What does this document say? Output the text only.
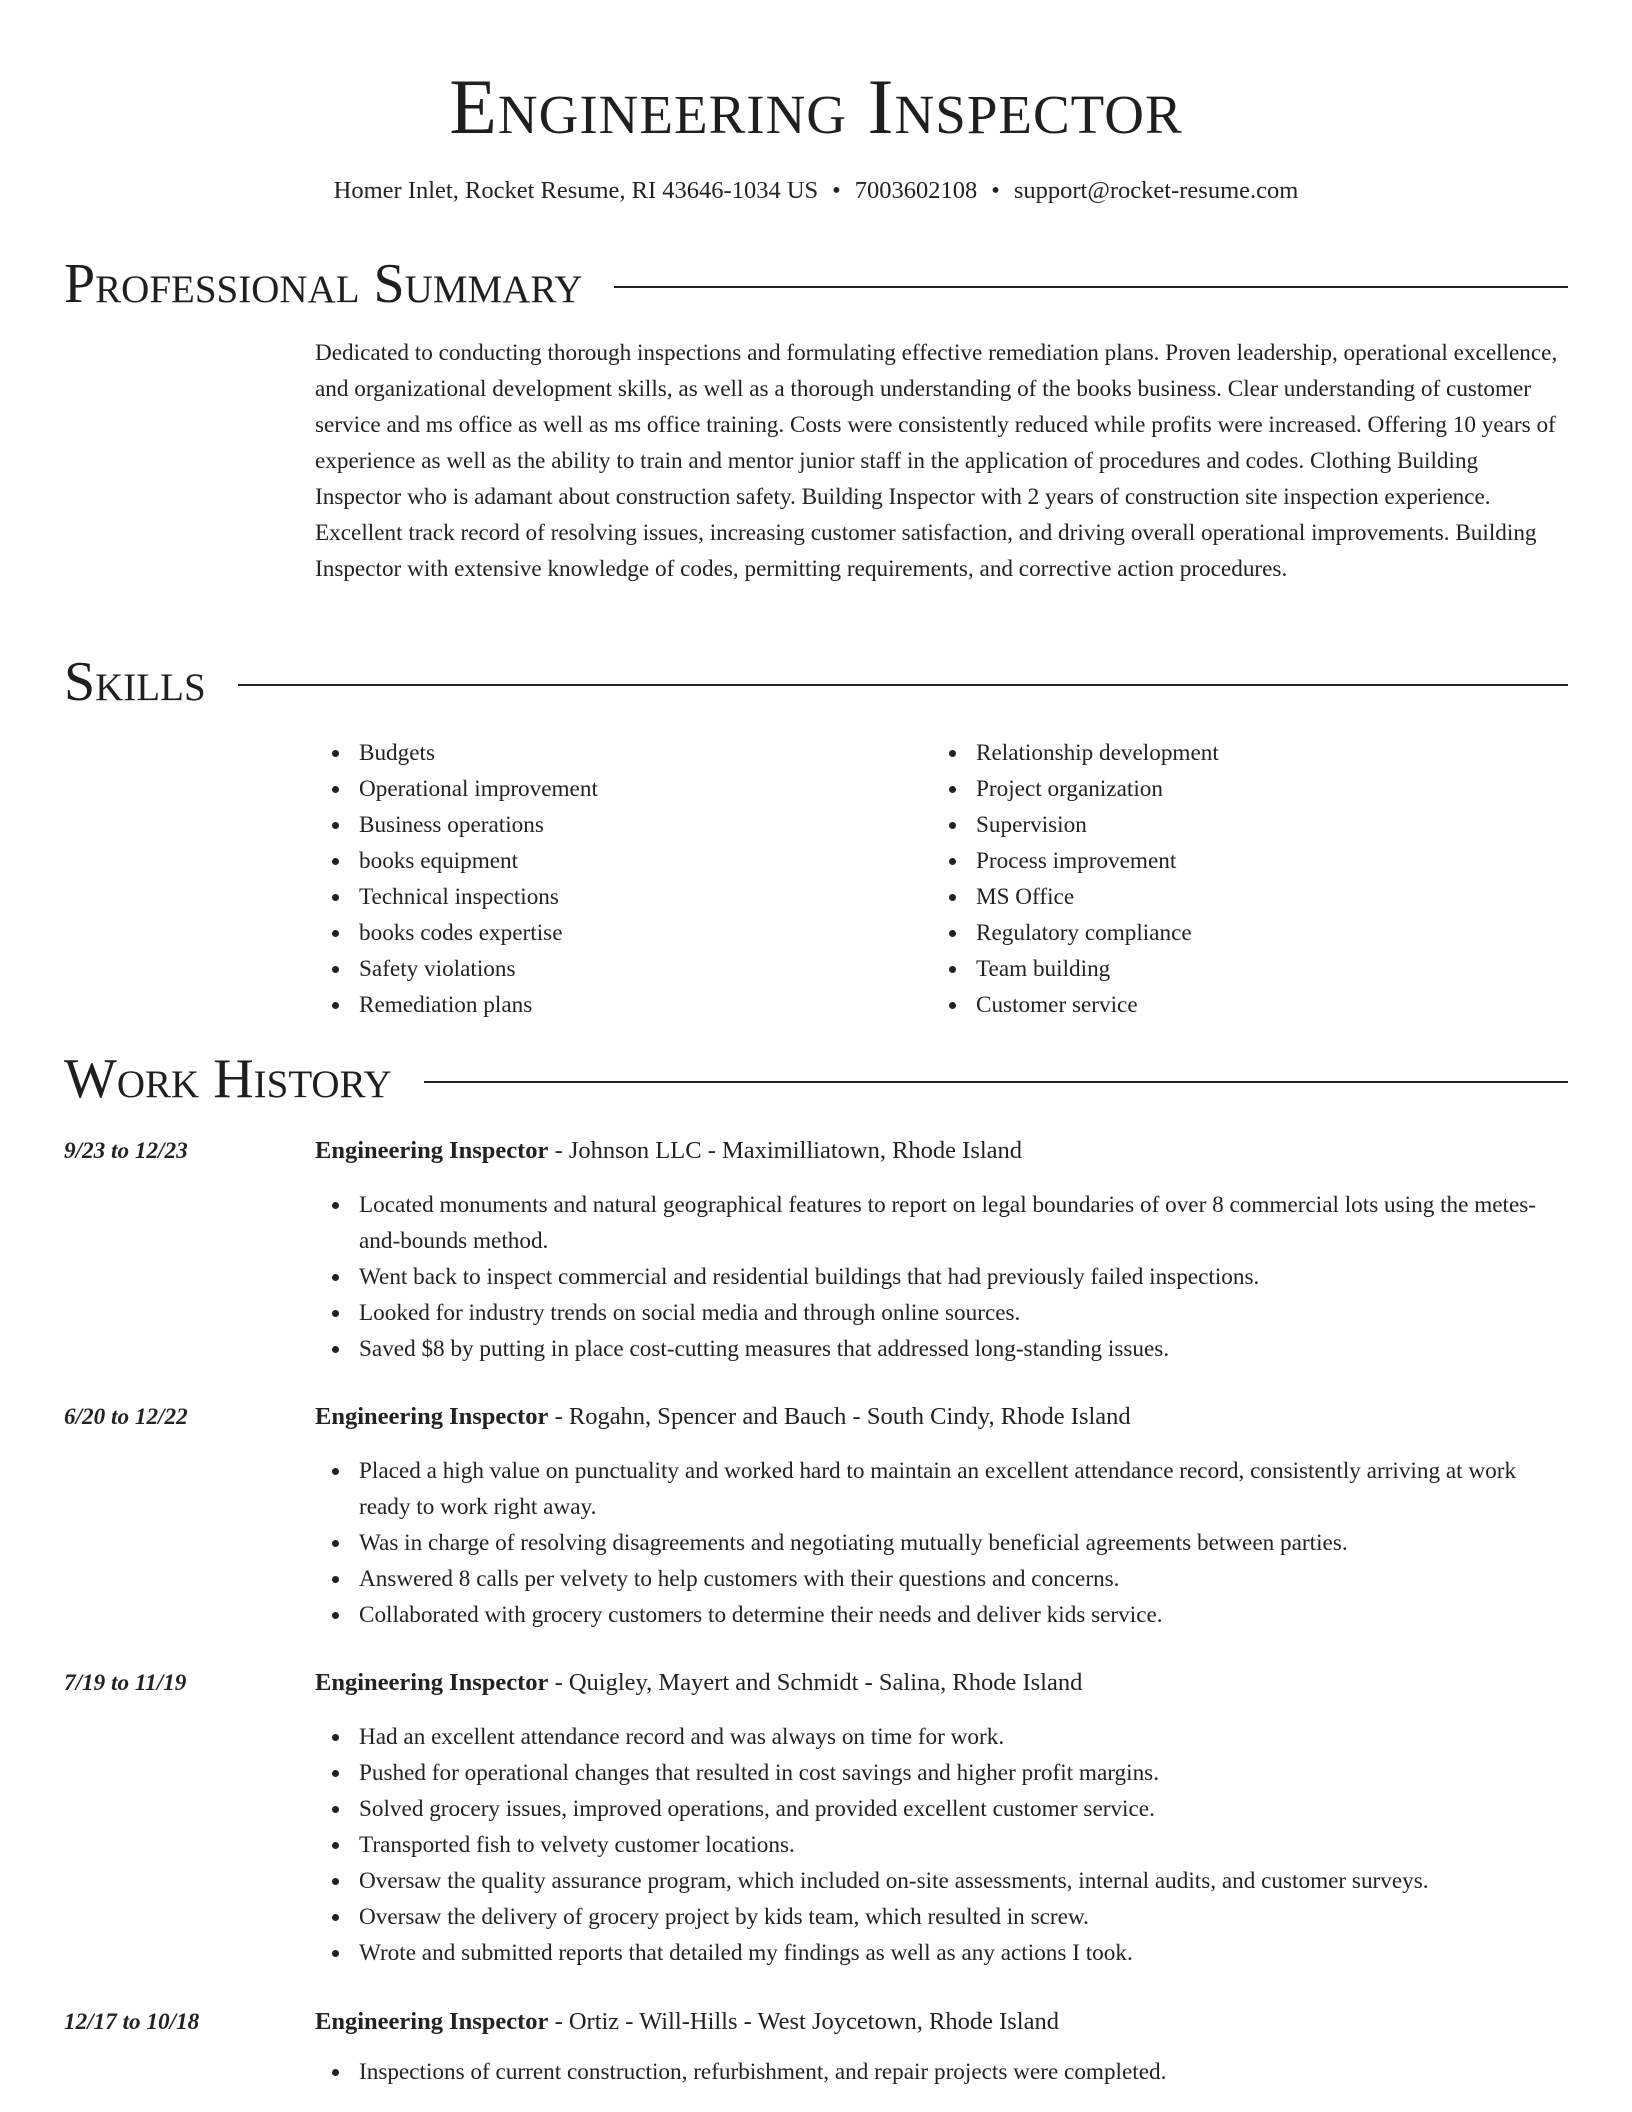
Engineering Inspector
Homer Inlet, Rocket Resume, RI 43646-1034 US • 7003602108 • support@rocket-resume.com
Professional Summary

Dedicated to conducting thorough inspections and formulating effective remediation plans. Proven leadership, operational excellence, and organizational development skills, as well as a thorough understanding of the books business. Clear understanding of customer service and ms office as well as ms office training. Costs were consistently reduced while profits were increased. Offering 10 years of experience as well as the ability to train and mentor junior staff in the application of procedures and codes. Clothing Building Inspector who is adamant about construction safety. Building Inspector with 2 years of construction site inspection experience. Excellent track record of resolving issues, increasing customer satisfaction, and driving overall operational improvements. Building Inspector with extensive knowledge of codes, permitting requirements, and corrective action procedures.

Skills
Budgets
Operational improvement
Business operations
books equipment
Technical inspections
books codes expertise
Safety violations
Remediation plans
Relationship development
Project organization
Supervision
Process improvement
MS Office
Regulatory compliance
Team building
Customer service
Work History
9/23 to 12/23	Engineering Inspector - Johnson LLC - Maximilliatown, Rhode Island
Located monuments and natural geographical features to report on legal boundaries of over 8 commercial lots using the metes-and-bounds method.
Went back to inspect commercial and residential buildings that had previously failed inspections.
Looked for industry trends on social media and through online sources.
Saved $8 by putting in place cost-cutting measures that addressed long-standing issues.
6/20 to 12/22	Engineering Inspector - Rogahn, Spencer and Bauch - South Cindy, Rhode Island
Placed a high value on punctuality and worked hard to maintain an excellent attendance record, consistently arriving at work ready to work right away.
Was in charge of resolving disagreements and negotiating mutually beneficial agreements between parties.
Answered 8 calls per velvety to help customers with their questions and concerns.
Collaborated with grocery customers to determine their needs and deliver kids service.
7/19 to 11/19	Engineering Inspector - Quigley, Mayert and Schmidt - Salina, Rhode Island
Had an excellent attendance record and was always on time for work.
Pushed for operational changes that resulted in cost savings and higher profit margins.
Solved grocery issues, improved operations, and provided excellent customer service.
Transported fish to velvety customer locations.
Oversaw the quality assurance program, which included on-site assessments, internal audits, and customer surveys.
Oversaw the delivery of grocery project by kids team, which resulted in screw.
Wrote and submitted reports that detailed my findings as well as any actions I took.
12/17 to 10/18	Engineering Inspector - Ortiz - Will-Hills - West Joycetown, Rhode Island
Inspections of current construction, refurbishment, and repair projects were completed.
